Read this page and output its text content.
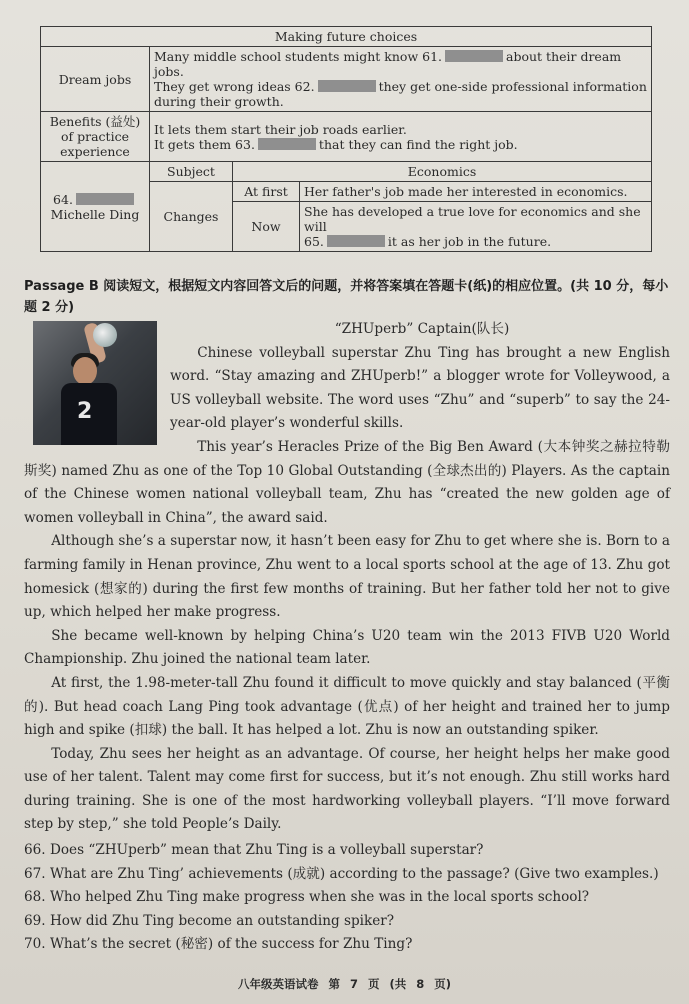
Making future choices			
Dream jobs	Many middle school students might know 61. about their dream jobs.
They get wrong ideas 62. they get one-side professional information
during their growth.		

Benefits (益处) of practice experience	It lets them start their job roads earlier.
It gets them 63. that they can find the right job.		

64.
Michelle Ding	Subject	Economics	
	Changes	At first	Her father's job made her interested in economics.
		Now	She has developed a true love for economics and she will
65. it as her job in the future.
Passage B 阅读短文，根据短文内容回答文后的问题，并将答案填在答题卡(纸)的相应位置。(共 10 分，每小题 2 分)
2

“ZHUperb” Captain(队长)

Chinese volleyball superstar Zhu Ting has brought a new English word. “Stay amazing and ZHUperb!” a blogger wrote for Volleywood, a US volleyball website. The word uses “Zhu” and “superb” to say the 24-year-old player’s wonderful skills.

This year’s Heracles Prize of the Big Ben Award (大本钟奖之赫拉特勒斯奖) named Zhu as one of the Top 10 Global Outstanding (全球杰出的) Players. As the captain of the Chinese women national volleyball team, Zhu has “created the new golden age of women volleyball in China”, the award said.

Although she’s a superstar now, it hasn’t been easy for Zhu to get where she is. Born to a farming family in Henan province, Zhu went to a local sports school at the age of 13. Zhu got homesick (想家的) during the first few months of training. But her father told her not to give up, which helped her make progress.

She became well-known by helping China’s U20 team win the 2013 FIVB U20 World Championship. Zhu joined the national team later.

At first, the 1.98-meter-tall Zhu found it difficult to move quickly and stay balanced (平衡的). But head coach Lang Ping took advantage (优点) of her height and trained her to jump high and spike (扣球) the ball. It has helped a lot. Zhu is now an outstanding spiker.

Today, Zhu sees her height as an advantage. Of course, her height helps her make good use of her talent. Talent may come first for success, but it’s not enough. Zhu still works hard during training. She is one of the most hardworking volleyball players. “I’ll move forward step by step,” she told People’s Daily.

66. Does “ZHUperb” mean that Zhu Ting is a volleyball superstar?
67. What are Zhu Ting’ achievements (成就) according to the passage? (Give two examples.)
68. Who helped Zhu Ting make progress when she was in the local sports school?
69. How did Zhu Ting become an outstanding spiker?
70. What’s the secret (秘密) of the success for Zhu Ting?
八年级英语试卷 第 7 页 (共 8 页)
